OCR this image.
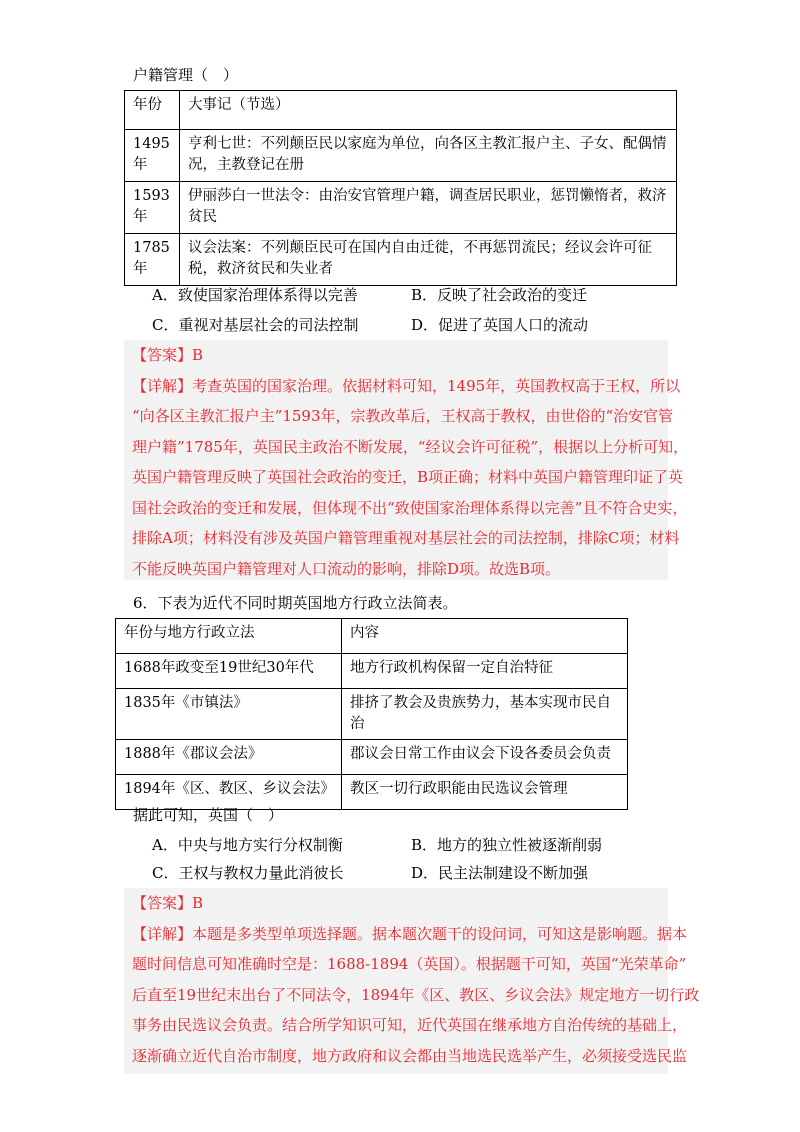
户籍管理（　）
年份	大事记（节选）
1495年	亨利七世：不列颠臣民以家庭为单位，向各区主教汇报户主、子女、配偶情况，主教登记在册
1593年	伊丽莎白一世法令：由治安官管理户籍，调查居民职业，惩罚懒惰者，救济贫民
1785年	议会法案：不列颠臣民可在国内自由迁徙，不再惩罚流民；经议会许可征税，救济贫民和失业者
A．致使国家治理体系得以完善	B．反映了社会政治的变迁
C．重视对基层社会的司法控制	D．促进了英国人口的流动
【答案】B
【详解】考查英国的国家治理。依据材料可知，1495年，英国教权高于王权，所以
“向各区主教汇报户主”1593年，宗教改革后，王权高于教权，由世俗的“治安官管
理户籍”1785年，英国民主政治不断发展，“经议会许可征税”，根据以上分析可知，
英国户籍管理反映了英国社会政治的变迁，B项正确；材料中英国户籍管理印证了英
国社会政治的变迁和发展，但体现不出“致使国家治理体系得以完善”且不符合史实，
排除A项；材料没有涉及英国户籍管理重视对基层社会的司法控制，排除C项；材料
不能反映英国户籍管理对人口流动的影响，排除D项。故选B项。
6．下表为近代不同时期英国地方行政立法简表。
年份与地方行政立法	内容
1688年政变至19世纪30年代	地方行政机构保留一定自治特征
1835年《市镇法》	排挤了教会及贵族势力，基本实现市民自治
1888年《郡议会法》	郡议会日常工作由议会下设各委员会负责
1894年《区、教区、乡议会法》	教区一切行政职能由民选议会管理
据此可知，英国（　）
A．中央与地方实行分权制衡	B．地方的独立性被逐渐削弱
C．王权与教权力量此消彼长	D．民主法制建设不断加强
【答案】B
【详解】本题是多类型单项选择题。据本题次题干的设问词，可知这是影响题。据本
题时间信息可知准确时空是：1688-1894（英国）。根据题干可知，英国“光荣革命”
后直至19世纪末出台了不同法令，1894年《区、教区、乡议会法》规定地方一切行政
事务由民选议会负责。结合所学知识可知，近代英国在继承地方自治传统的基础上，
逐渐确立近代自治市制度，地方政府和议会都由当地选民选举产生，必须接受选民监
